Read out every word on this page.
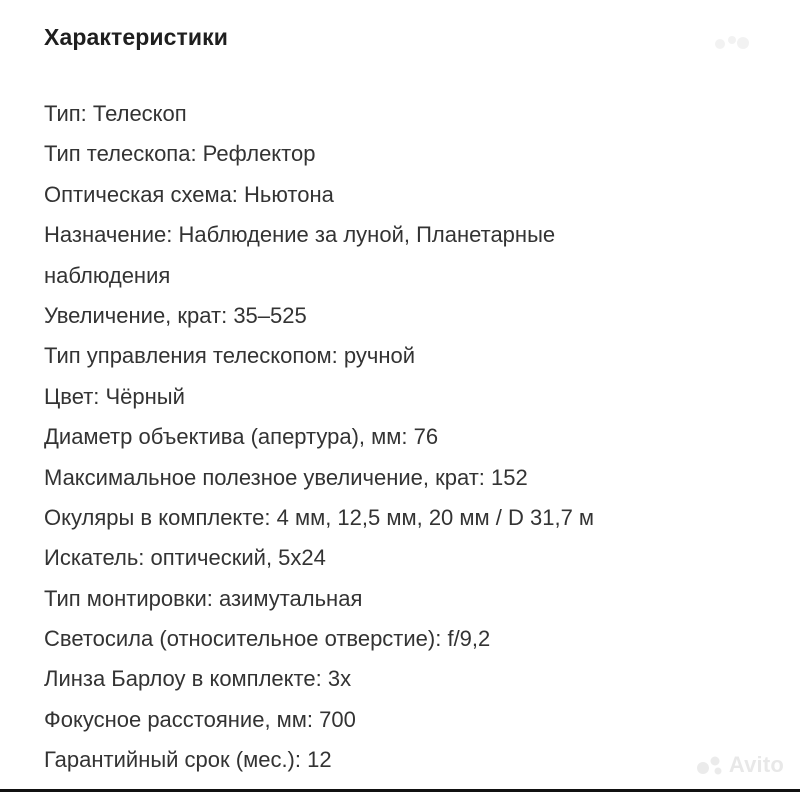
Характеристики
Тип: Телескоп
Тип телескопа: Рефлектор
Оптическая схема: Ньютона
Назначение: Наблюдение за луной, Планетарные
наблюдения
Увеличение, крат: 35–525
Тип управления телескопом: ручной
Цвет: Чёрный
Диаметр объектива (апертура), мм: 76
Максимальное полезное увеличение, крат: 152
Окуляры в комплекте: 4 мм, 12,5 мм, 20 мм / D 31,7 м
Искатель: оптический, 5х24
Тип монтировки: азимутальная
Светосила (относительное отверстие): f/9,2
Линза Барлоу в комплекте: 3х
Фокусное расстояние, мм: 700
Гарантийный срок (мес.): 12	Avito
